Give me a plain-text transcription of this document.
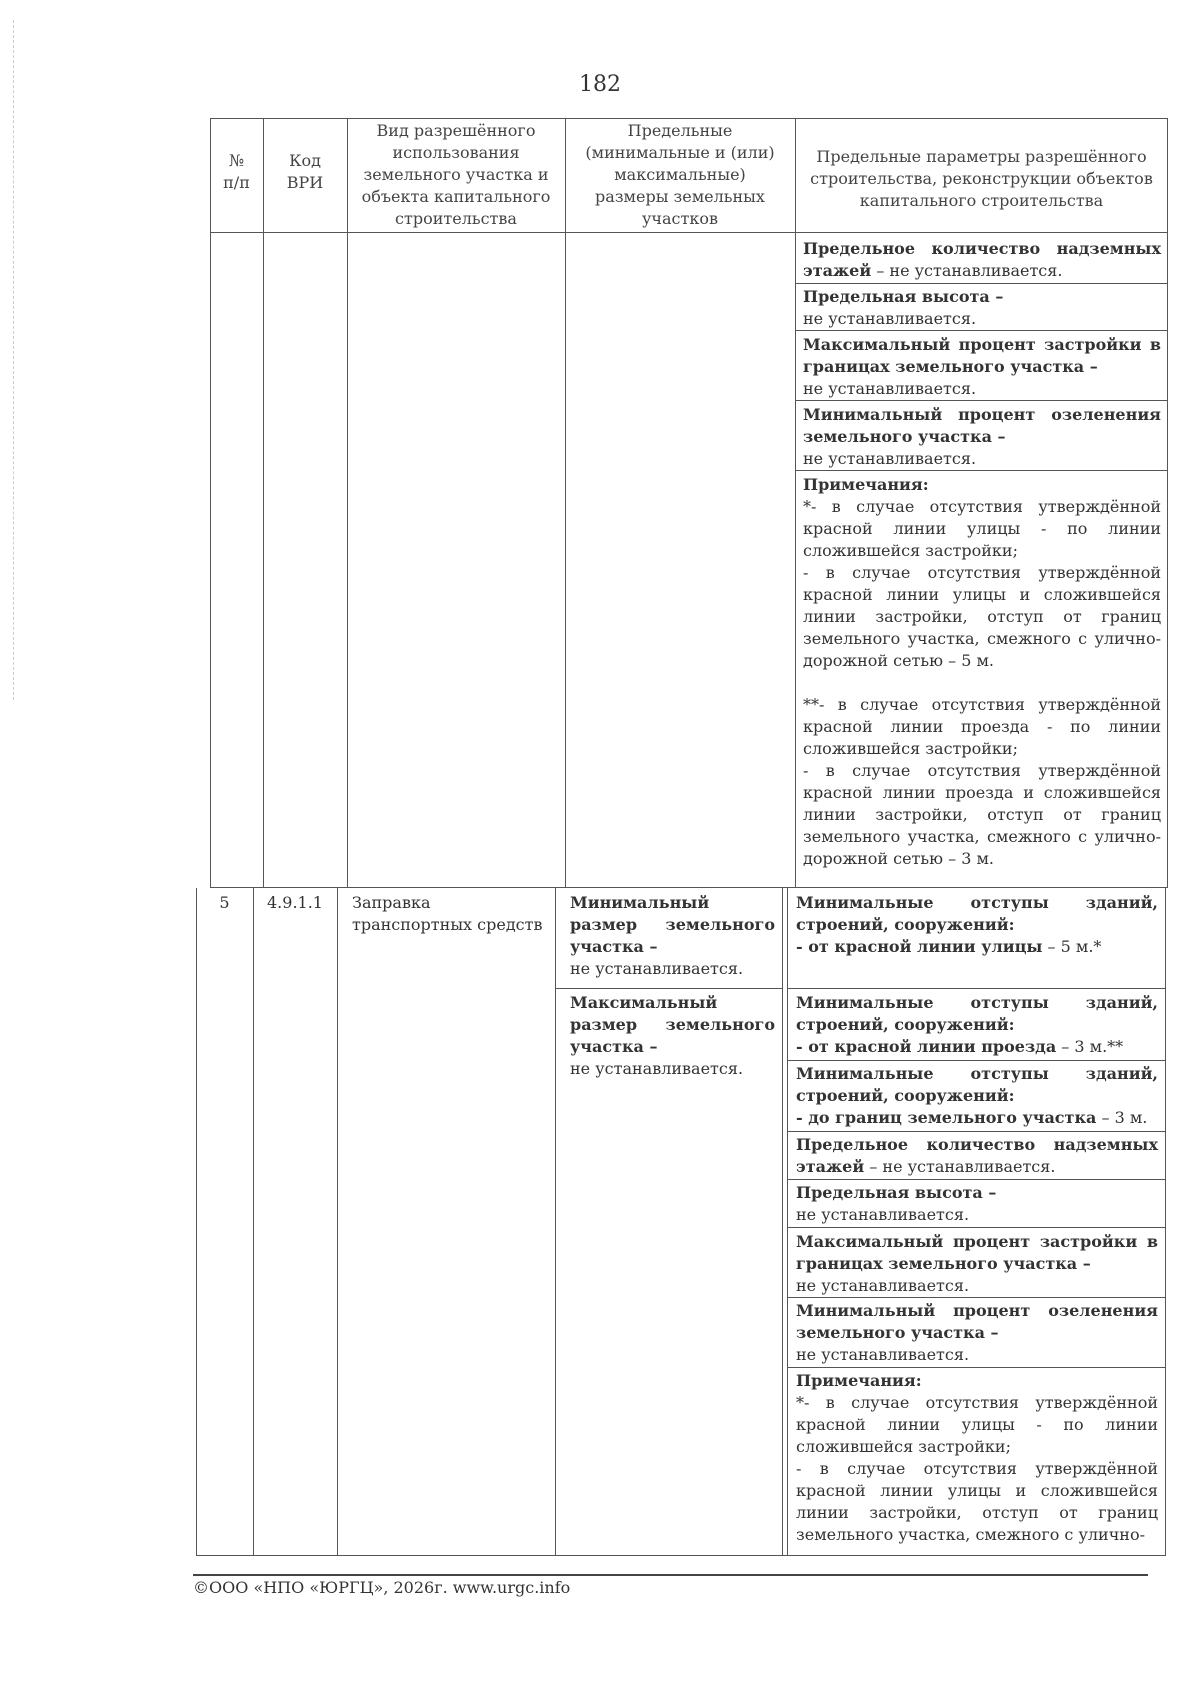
182
№
п/п
Код
ВРИ
Вид разрешённого
использования
земельного участка и
объекта капитального
строительства
Предельные
(минимальные и (или)
максимальные)
размеры земельных
участков
Предельные параметры разрешённого
строительства, реконструкции объектов
капитального строительства

Предельное количество надземных этажей – не устанавливается.

Предельная высота –
не устанавливается.

Максимальный процент застройки в границах земельного участка –
не устанавливается.

Минимальный процент озеленения земельного участка –
не устанавливается.

Примечания:

*- в случае отсутствия утверждённой красной линии улицы - по линии сложившейся застройки;

- в случае отсутствия утверждённой красной линии улицы и сложившейся линии застройки, отступ от границ земельного участка, смежного с улично-дорожной сетью – 5 м.

**- в случае отсутствия утверждённой красной линии проезда - по линии сложившейся застройки;

- в случае отсутствия утверждённой красной линии проезда и сложившейся линии застройки, отступ от границ земельного участка, смежного с улично-дорожной сетью – 3 м.

5	4.9.1.1	Заправка транспортных средств

Минимальный размер земельного участка –
не устанавливается.

Максимальный размер земельного участка –
не устанавливается.

Минимальные отступы зданий, строений, сооружений:

- от красной линии улицы – 5 м.*

Минимальные отступы зданий, строений, сооружений:

- от красной линии проезда – 3 м.**

Минимальные отступы зданий, строений, сооружений:

- до границ земельного участка – 3 м.

Предельное количество надземных этажей – не устанавливается.

Предельная высота –
не устанавливается.

Максимальный процент застройки в границах земельного участка –
не устанавливается.

Минимальный процент озеленения земельного участка –
не устанавливается.

Примечания:

*- в случае отсутствия утверждённой красной линии улицы - по линии сложившейся застройки;

- в случае отсутствия утверждённой красной линии улицы и сложившейся линии застройки, отступ от границ земельного участка, смежного с улично-

©ООО «НПО «ЮРГЦ», 2026г. www.urgc.info
